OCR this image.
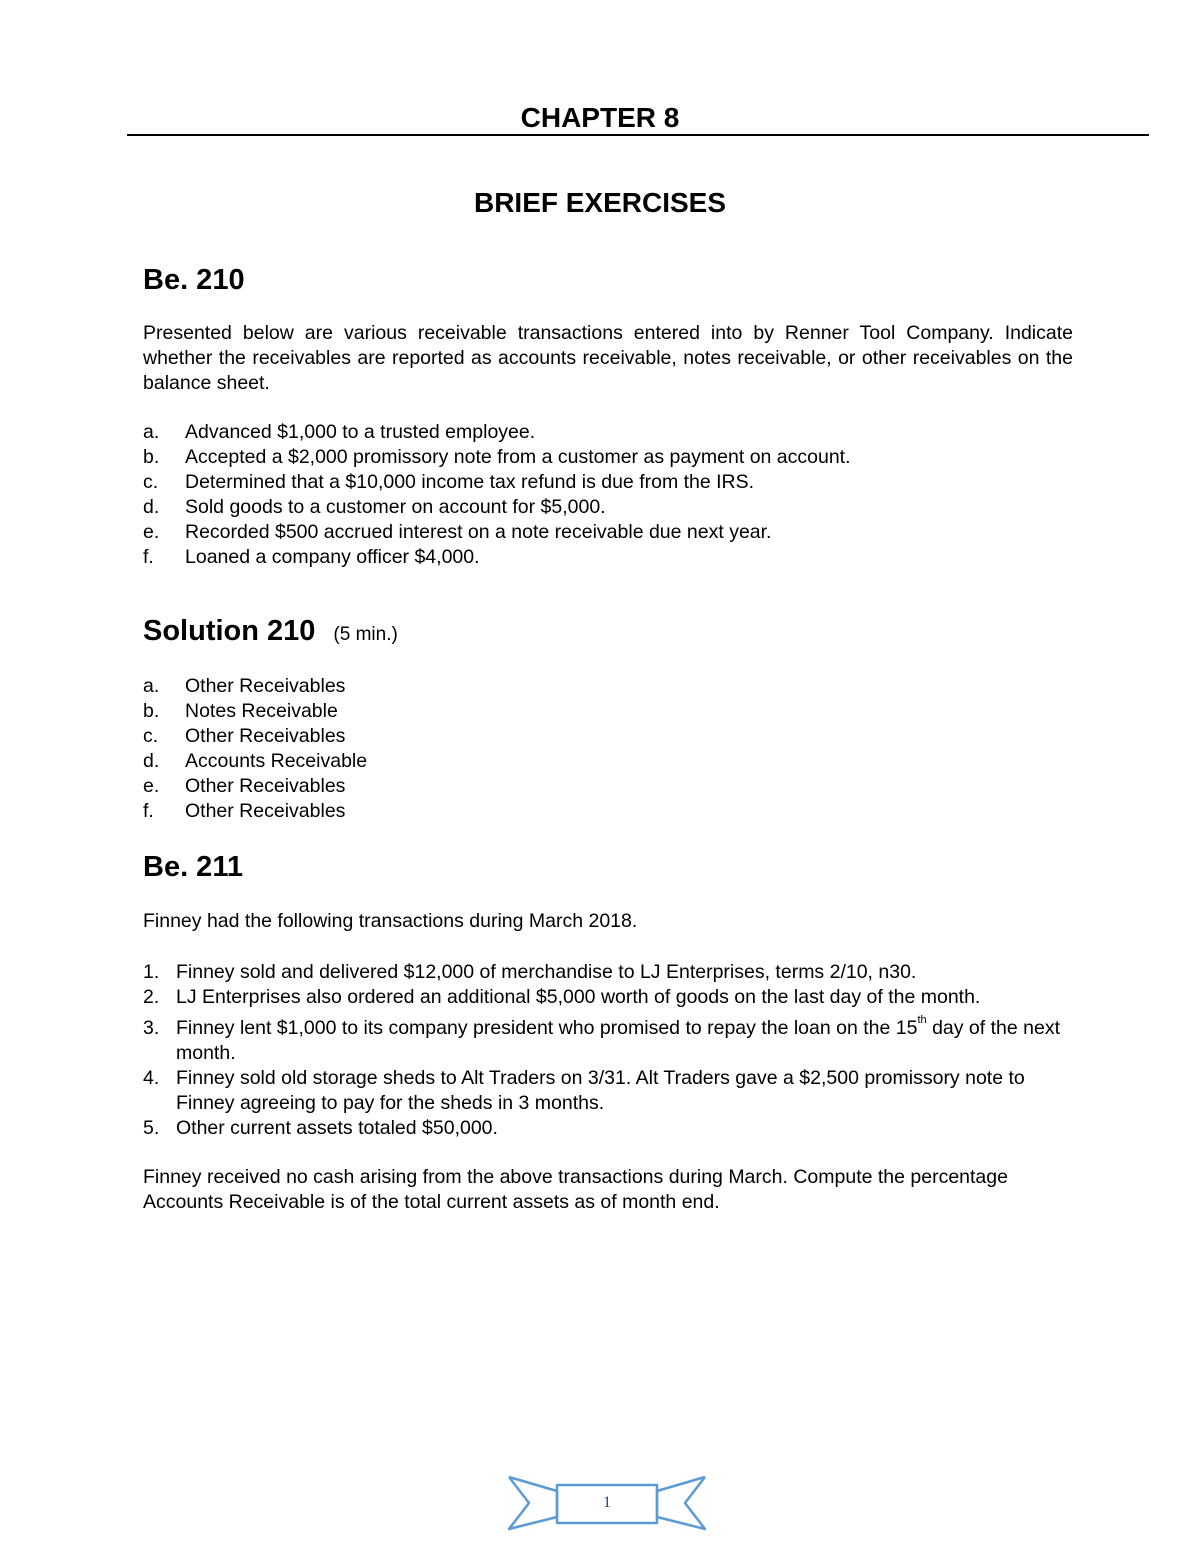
CHAPTER 8
BRIEF EXERCISES
Be. 210
Presented below are various receivable transactions entered into by Renner Tool Company. Indicate whether the receivables are reported as accounts receivable, notes receivable, or other receivables on the balance sheet.
a. Advanced $1,000 to a trusted employee.
b. Accepted a $2,000 promissory note from a customer as payment on account.
c. Determined that a $10,000 income tax refund is due from the IRS.
d. Sold goods to a customer on account for $5,000.
e. Recorded $500 accrued interest on a note receivable due next year.
f. Loaned a company officer $4,000.
Solution 210 (5 min.)
a. Other Receivables
b. Notes Receivable
c. Other Receivables
d. Accounts Receivable
e. Other Receivables
f. Other Receivables
Be. 211
Finney had the following transactions during March 2018.
1. Finney sold and delivered $12,000 of merchandise to LJ Enterprises, terms 2/10, n30.
2. LJ Enterprises also ordered an additional $5,000 worth of goods on the last day of the month.
3. Finney lent $1,000 to its company president who promised to repay the loan on the 15th day of the next month.
4. Finney sold old storage sheds to Alt Traders on 3/31. Alt Traders gave a $2,500 promissory note to Finney agreeing to pay for the sheds in 3 months.
5. Other current assets totaled $50,000.
Finney received no cash arising from the above transactions during March. Compute the percentage Accounts Receivable is of the total current assets as of month end.
1
